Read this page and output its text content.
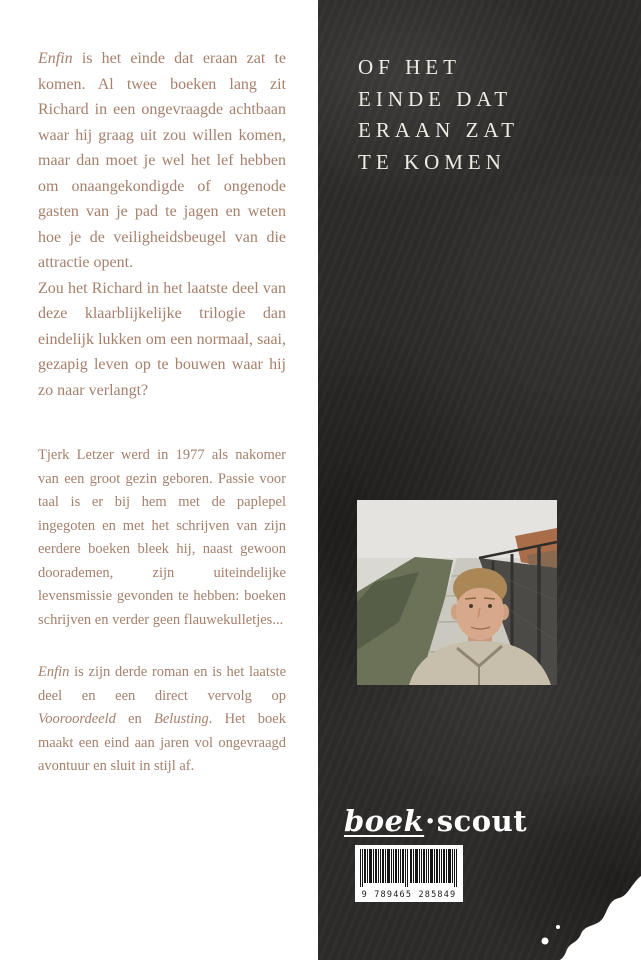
Enfin is het einde dat eraan zat te komen. Al twee boeken lang zit Richard in een ongevraagde achtbaan waar hij graag uit zou willen komen, maar dan moet je wel het lef hebben om onaangekondigde of ongenode gasten van je pad te jagen en weten hoe je de veiligheidsbeugel van die attractie opent.

Zou het Richard in het laatste deel van deze klaarblijkelijke trilogie dan eindelijk lukken om een normaal, saai, gezapig leven op te bouwen waar hij zo naar verlangt?

Tjerk Letzer werd in 1977 als nakomer van een groot gezin geboren. Passie voor taal is er bij hem met de paplepel ingegoten en met het schrijven van zijn eerdere boeken bleek hij, naast gewoon doorademen, zijn uiteindelijke levensmissie gevonden te hebben: boeken schrijven en verder geen flauwekulletjes...

Enfin is zijn derde roman en is het laatste deel en een direct vervolg op Vooroordeeld en Belusting. Het boek maakt een eind aan jaren vol ongevraagd avontuur en sluit in stijl af.

OF HET
EINDE DAT
ERAAN ZAT
TE KOMEN
boek·scout
9 789465 285849
